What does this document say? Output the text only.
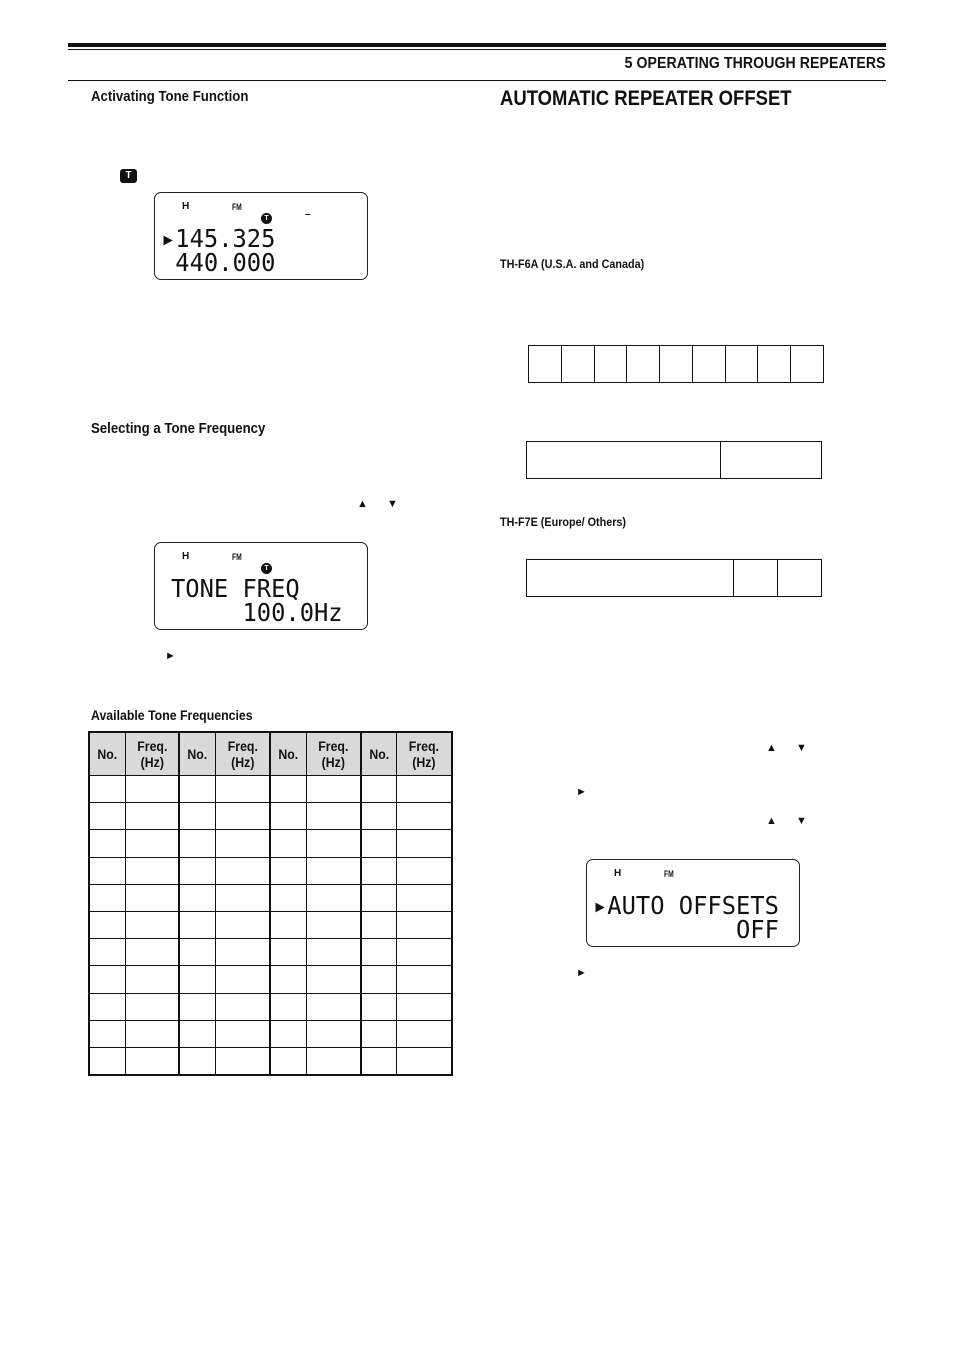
5 OPERATING THROUGH REPEATERS
Activating Tone Function
T
H	FM
T	–
▸145.325
440.000
Selecting a Tone Frequency
▲ ▼
H	FM
T
TONE FREQ
100.0Hz
►
Available Tone Frequencies
No.	Freq. (Hz)	No.	Freq. (Hz)	No.	Freq. (Hz)	No.	Freq. (Hz)

AUTOMATIC REPEATER OFFSET
TH-F6A (U.S.A. and Canada)
TH-F7E (Europe/ Others)
▲ ▼
►
▲ ▼
H	FM
▸AUTO OFFSETS
OFF
►
